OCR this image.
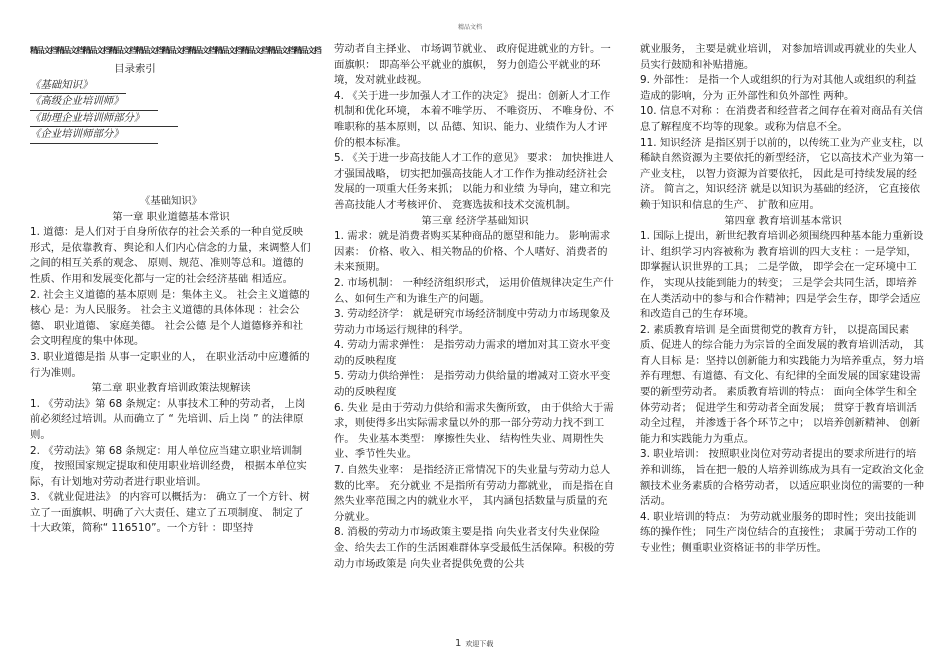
精品文档精品文档精品文档精品文档精品文档精品文档精品文档精品文档精品文档精品文档精品文档
精品文档
目录索引
《基础知识》
《高级企业培训师》
《助理企业培训师部分》
《企业培训师部分》

《基础知识》

第一章 职业道德基本常识

1. 道德：是人们对于自身所依存的社会关系的一种自觉反映形式，是依靠教育、舆论和人们内心信念的力量，来调整人们之间的相互关系的观念、 原则、规范、准则等总和。道德的性质、作用和发展变化都与一定的社会经济基础 相适应。

2. 社会主义道德的基本原则 是：集体主义。 社会主义道德的核心 是：为人民服务。 社会主义道德的具体体现 ：社会公德、 职业道德、 家庭美德。 社会公德 是个人道德修养和社会文明程度的集中体现。

3. 职业道德是指 从事一定职业的人， 在职业活动中应遵循的行为准则。

第二章 职业教育培训政策法规解读

1. 《劳动法》第 68 条规定：从事技术工种的劳动者， 上岗前必须经过培训。从而确立了 “ 先培训、后上岗 ” 的法律原则。

2. 《劳动法》第 68 条规定：用人单位应当建立职业培训制度， 按照国家规定提取和使用职业培训经费， 根据本单位实际，有计划地对劳动者进行职业培训。

3. 《就业促进法》 的内容可以概括为： 确立了一个方针、树立了一面旗帜、明确了六大责任、建立了五项制度、 制定了十大政策，简称“ 116510”。一个方针 ：即坚持

劳动者自主择业、 市场调节就业、 政府促进就业的方针。一面旗帜： 即高举公平就业的旗帜， 努力创造公平就业的环境，发对就业歧视。

4. 《关于进一步加强人才工作的决定》 提出：创新人才工作机制和优化环境， 本着不唯学历、 不唯资历、 不唯身份、不唯职称的基本原则，以 品德、知识、能力、业绩作为人才评价的根本标准。

5. 《关于进一步高技能人才工作的意见》 要求： 加快推进人才强国战略， 切实把加强高技能人才工作作为推动经济社会发展的一项重大任务来抓； 以能力和业绩 为导向，建立和完善高技能人才考核评价、 竞赛选拔和技术交流机制。

第三章 经济学基础知识

1. 需求：就是消费者购买某种商品的愿望和能力。 影响需求因素： 价格、收入、相关物品的价格、个人嗜好、消费者的未来预期。

2. 市场机制： 一种经济组织形式， 运用价值规律决定生产什么、如何生产和为谁生产的问题。

3. 劳动经济学： 就是研究市场经济制度中劳动力市场现象及劳动力市场运行规律的科学。

4. 劳动力需求弹性： 是指劳动力需求的增加对其工资水平变动的反映程度

5. 劳动力供给弹性： 是指劳动力供给量的增减对工资水平变动的反映程度

6. 失业 是由于劳动力供给和需求失衡所致， 由于供给大于需求，则使得多出实际需求量以外的那一部分劳动力找不到工作。 失业基本类型： 摩擦性失业、 结构性失业、周期性失业、季节性失业。

7. 自然失业率： 是指经济正常情况下的失业量与劳动力总人数的比率。 充分就业 不是指所有劳动力都就业， 而是指在自然失业率范围之内的就业水平， 其内涵包括数量与质量的充分就业。

8. 消极的劳动力市场政策主要是指 向失业者支付失业保险金、给失去工作的生活困难群体享受最低生活保障。积极的劳动力市场政策是 向失业者提供免费的公共

就业服务， 主要是就业培训， 对参加培训或再就业的失业人员实行鼓励和补贴措施。

9. 外部性： 是指一个人或组织的行为对其他人或组织的利益造成的影响，分为 正外部性和负外部性 两种。

10. 信息不对称 ：在消费者和经营者之间存在着对商品有关信息了解程度不均等的现象。或称为信息不全。

11. 知识经济 是指区别于以前的，以传统工业为产业支柱，以稀缺自然资源为主要依托的新型经济， 它以高技术产业为第一产业支柱， 以智力资源为首要依托， 因此是可持续发展的经济。 简言之，知识经济 就是以知识为基础的经济， 它直接依赖于知识和信息的生产、 扩散和应用。

第四章 教育培训基本常识

1. 国际上提出，新世纪教育培训必须围绕四种基本能力重新设计、组织学习内容被称为 教育培训的四大支柱 ：一是学知， 即掌握认识世界的工具； 二是学做， 即学会在一定环境中工作， 实现从技能到能力的转变； 三是学会共同生活，即培养在人类活动中的参与和合作精神；四是学会生存，即学会适应和改造自己的生存环境。

2. 素质教育培训 是全面贯彻党的教育方针， 以提高国民素质、促进人的综合能力为宗旨的全面发展的教育培训活动， 其育人目标 是：坚持以创新能力和实践能力为培养重点，努力培养有理想、有道德、有文化、有纪律的全面发展的国家建设需要的新型劳动者。 素质教育培训的特点： 面向全体学生和全体劳动者； 促进学生和劳动者全面发展； 贯穿于教育培训活动全过程， 并渗透于各个环节之中； 以培养创新精神、 创新能力和实践能力为重点。

3. 职业培训： 按照职业岗位对劳动者提出的要求所进行的培养和训练， 旨在把一般的人培养训练成为具有一定政治文化金额技术业务素质的合格劳动者， 以适应职业岗位的需要的一种活动。

4. 职业培训的特点： 为劳动就业服务的即时性；突出技能训练的操作性； 同生产岗位结合的直接性； 隶属于劳动工作的专业性；侧重职业资格证书的非学历性。

1 欢迎下载
